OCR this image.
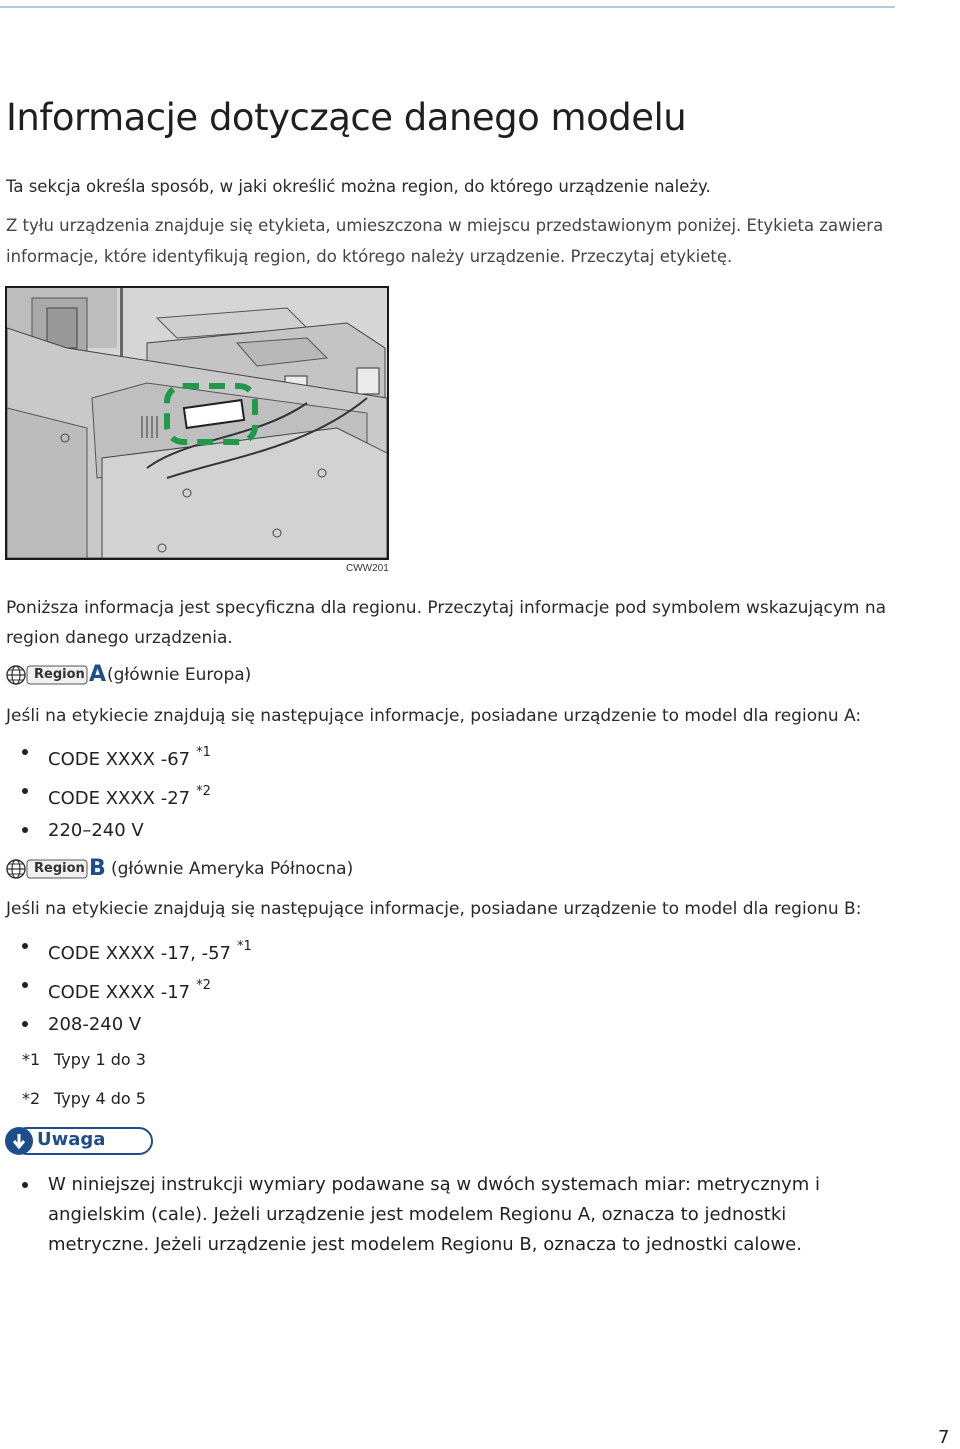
Informacje dotyczące danego modelu

Ta sekcja określa sposób, w jaki określić można region, do którego urządzenie należy.

Z tyłu urządzenia znajduje się etykieta, umieszczona w miejscu przedstawionym poniżej. Etykieta zawiera informacje, które identyfikują region, do którego należy urządzenie. Przeczytaj etykietę.

CWW201

Poniższa informacja jest specyficzna dla regionu. Przeczytaj informacje pod symbolem wskazującym na region danego urządzenia.

Region A (głównie Europa)

Jeśli na etykiecie znajdują się następujące informacje, posiadane urządzenie to model dla regionu A:

CODE XXXX -67 $^{*1}$
CODE XXXX -27 $^{*2}$
220–240 V
Region B (głównie Ameryka Północna)

Jeśli na etykiecie znajdują się następujące informacje, posiadane urządzenie to model dla regionu B:

CODE XXXX -17, -57 $^{*1}$
CODE XXXX -17 $^{*2}$
208-240 V
*1 Typy 1 do 3
*2 Typy 4 do 5
Uwaga
W niniejszej instrukcji wymiary podawane są w dwóch systemach miar: metrycznym i angielskim (cale). Jeżeli urządzenie jest modelem Regionu A, oznacza to jednostki metryczne. Jeżeli urządzenie jest modelem Regionu B, oznacza to jednostki calowe.
7
